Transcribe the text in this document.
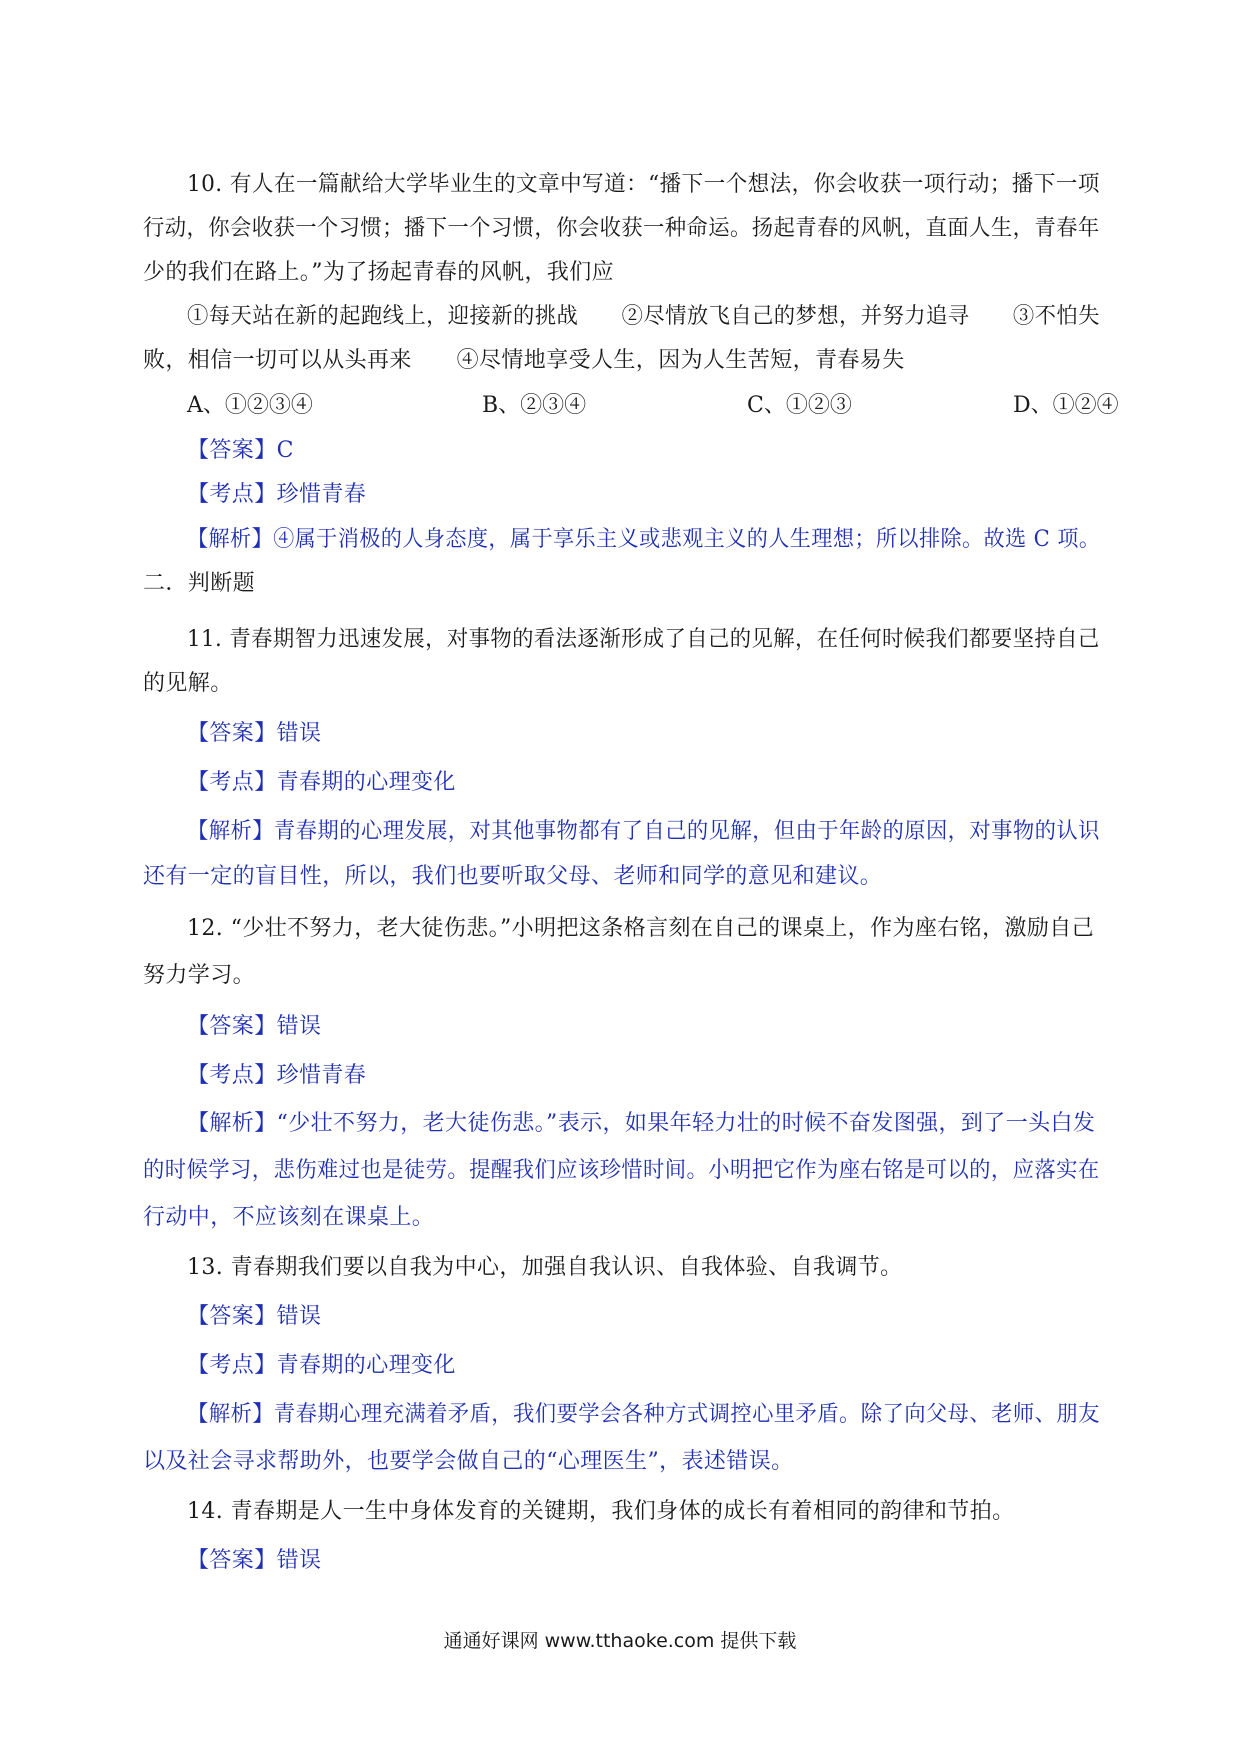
10. 有人在一篇献给大学毕业生的文章中写道：“播下一个想法，你会收获一项行动；播下一项
行动，你会收获一个习惯；播下一个习惯，你会收获一种命运。扬起青春的风帆，直面人生，青春年
少的我们在路上。”为了扬起青春的风帆，我们应
①每天站在新的起跑线上，迎接新的挑战　　②尽情放飞自己的梦想，并努力追寻　　③不怕失
败，相信一切可以从头再来　　④尽情地享受人生，因为人生苦短，青春易失
A、①②③④	B、②③④	C、①②③	D、①②④
【答案】C
【考点】珍惜青春
【解析】④属于消极的人身态度，属于享乐主义或悲观主义的人生理想；所以排除。故选 C 项。
二．判断题
11. 青春期智力迅速发展，对事物的看法逐渐形成了自己的见解，在任何时候我们都要坚持自己
的见解。
【答案】错误
【考点】青春期的心理变化
【解析】青春期的心理发展，对其他事物都有了自己的见解，但由于年龄的原因，对事物的认识
还有一定的盲目性，所以，我们也要听取父母、老师和同学的意见和建议。
12. “少壮不努力，老大徒伤悲。”小明把这条格言刻在自己的课桌上，作为座右铭，激励自己
努力学习。
【答案】错误
【考点】珍惜青春
【解析】“少壮不努力，老大徒伤悲。”表示，如果年轻力壮的时候不奋发图强，到了一头白发
的时候学习，悲伤难过也是徒劳。提醒我们应该珍惜时间。小明把它作为座右铭是可以的，应落实在
行动中，不应该刻在课桌上。
13. 青春期我们要以自我为中心，加强自我认识、自我体验、自我调节。
【答案】错误
【考点】青春期的心理变化
【解析】青春期心理充满着矛盾，我们要学会各种方式调控心里矛盾。除了向父母、老师、朋友
以及社会寻求帮助外，也要学会做自己的“心理医生”，表述错误。
14. 青春期是人一生中身体发育的关键期，我们身体的成长有着相同的韵律和节拍。
【答案】错误
通通好课网 www.tthaoke.com 提供下载
